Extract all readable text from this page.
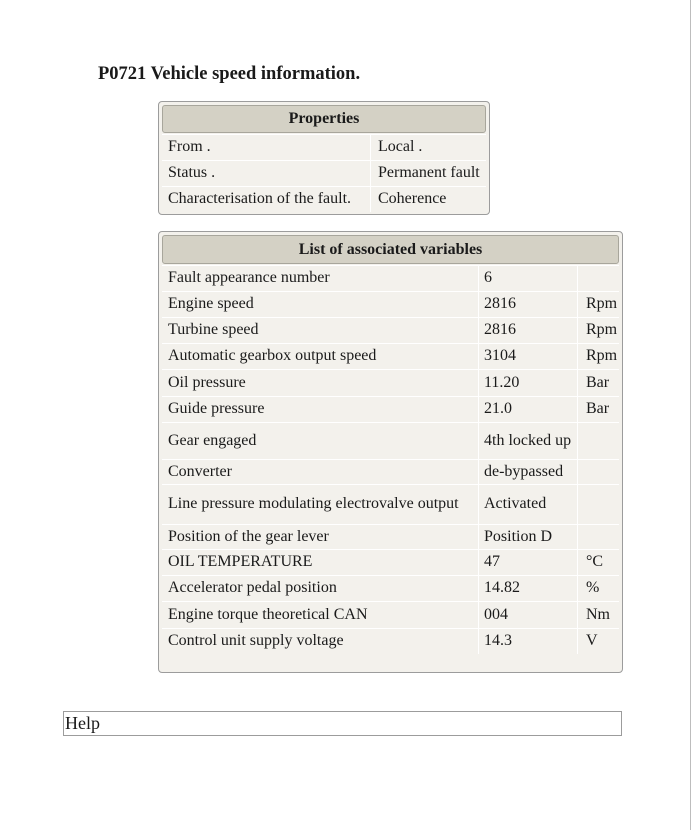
P0721 Vehicle speed information.
Properties
From .	Local .
Status .	Permanent fault
Characterisation of the fault.	Coherence
List of associated variables
Fault appearance number	6
Engine speed	2816	Rpm
Turbine speed	2816	Rpm
Automatic gearbox output speed	3104	Rpm
Oil pressure	11.20	Bar
Guide pressure	21.0	Bar
Gear engaged	4th locked up
Converter	de-bypassed
Line pressure modulating electrovalve output	Activated
Position of the gear lever	Position D
OIL TEMPERATURE	47	°C
Accelerator pedal position	14.82	%
Engine torque theoretical CAN	004	Nm
Control unit supply voltage	14.3	V
Help
